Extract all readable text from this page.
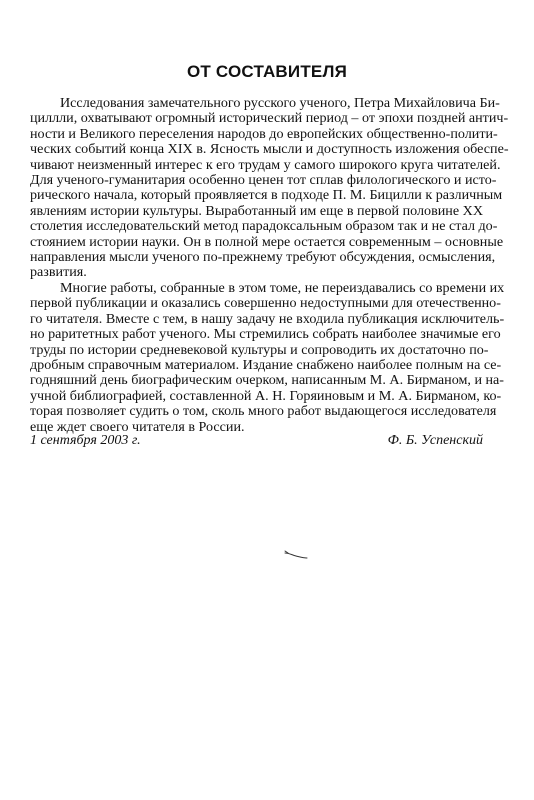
ОТ СОСТАВИТЕЛЯ

Исследования замечательного русского ученого, Петра Михайловича Би-
циллли, охватывают огромный исторический период – от эпохи поздней антич-
ности и Великого переселения народов до европейских общественно-полити-
ческих событий конца XIX в. Ясность мысли и доступность изложения обеспе-
чивают неизменный интерес к его трудам у самого широкого круга читателей.
Для ученого-гуманитария особенно ценен тот сплав филологического и исто-
рического начала, который проявляется в подходе П. М. Бицилли к различным
явлениям истории культуры. Выработанный им еще в первой половине XX
столетия исследовательский метод парадоксальным образом так и не стал до-
стоянием истории науки. Он в полной мере остается современным – основные
направления мысли ученого по-прежнему требуют обсуждения, осмысления,
развития.

Многие работы, собранные в этом томе, не переиздавались со времени их
первой публикации и оказались совершенно недоступными для отечественно-
го читателя. Вместе с тем, в нашу задачу не входила публикация исключитель-
но раритетных работ ученого. Мы стремились собрать наиболее значимые его
труды по истории средневековой культуры и сопроводить их достаточно по-
дробным справочным материалом. Издание снабжено наиболее полным на се-
годняшний день биографическим очерком, написанным М. А. Бирманом, и на-
учной библиографией, составленной А. Н. Горяиновым и М. А. Бирманом, ко-
торая позволяет судить о том, сколь много работ выдающегося исследователя
еще ждет своего читателя в России.

1 сентября 2003 г.	Ф. Б. Успенский
